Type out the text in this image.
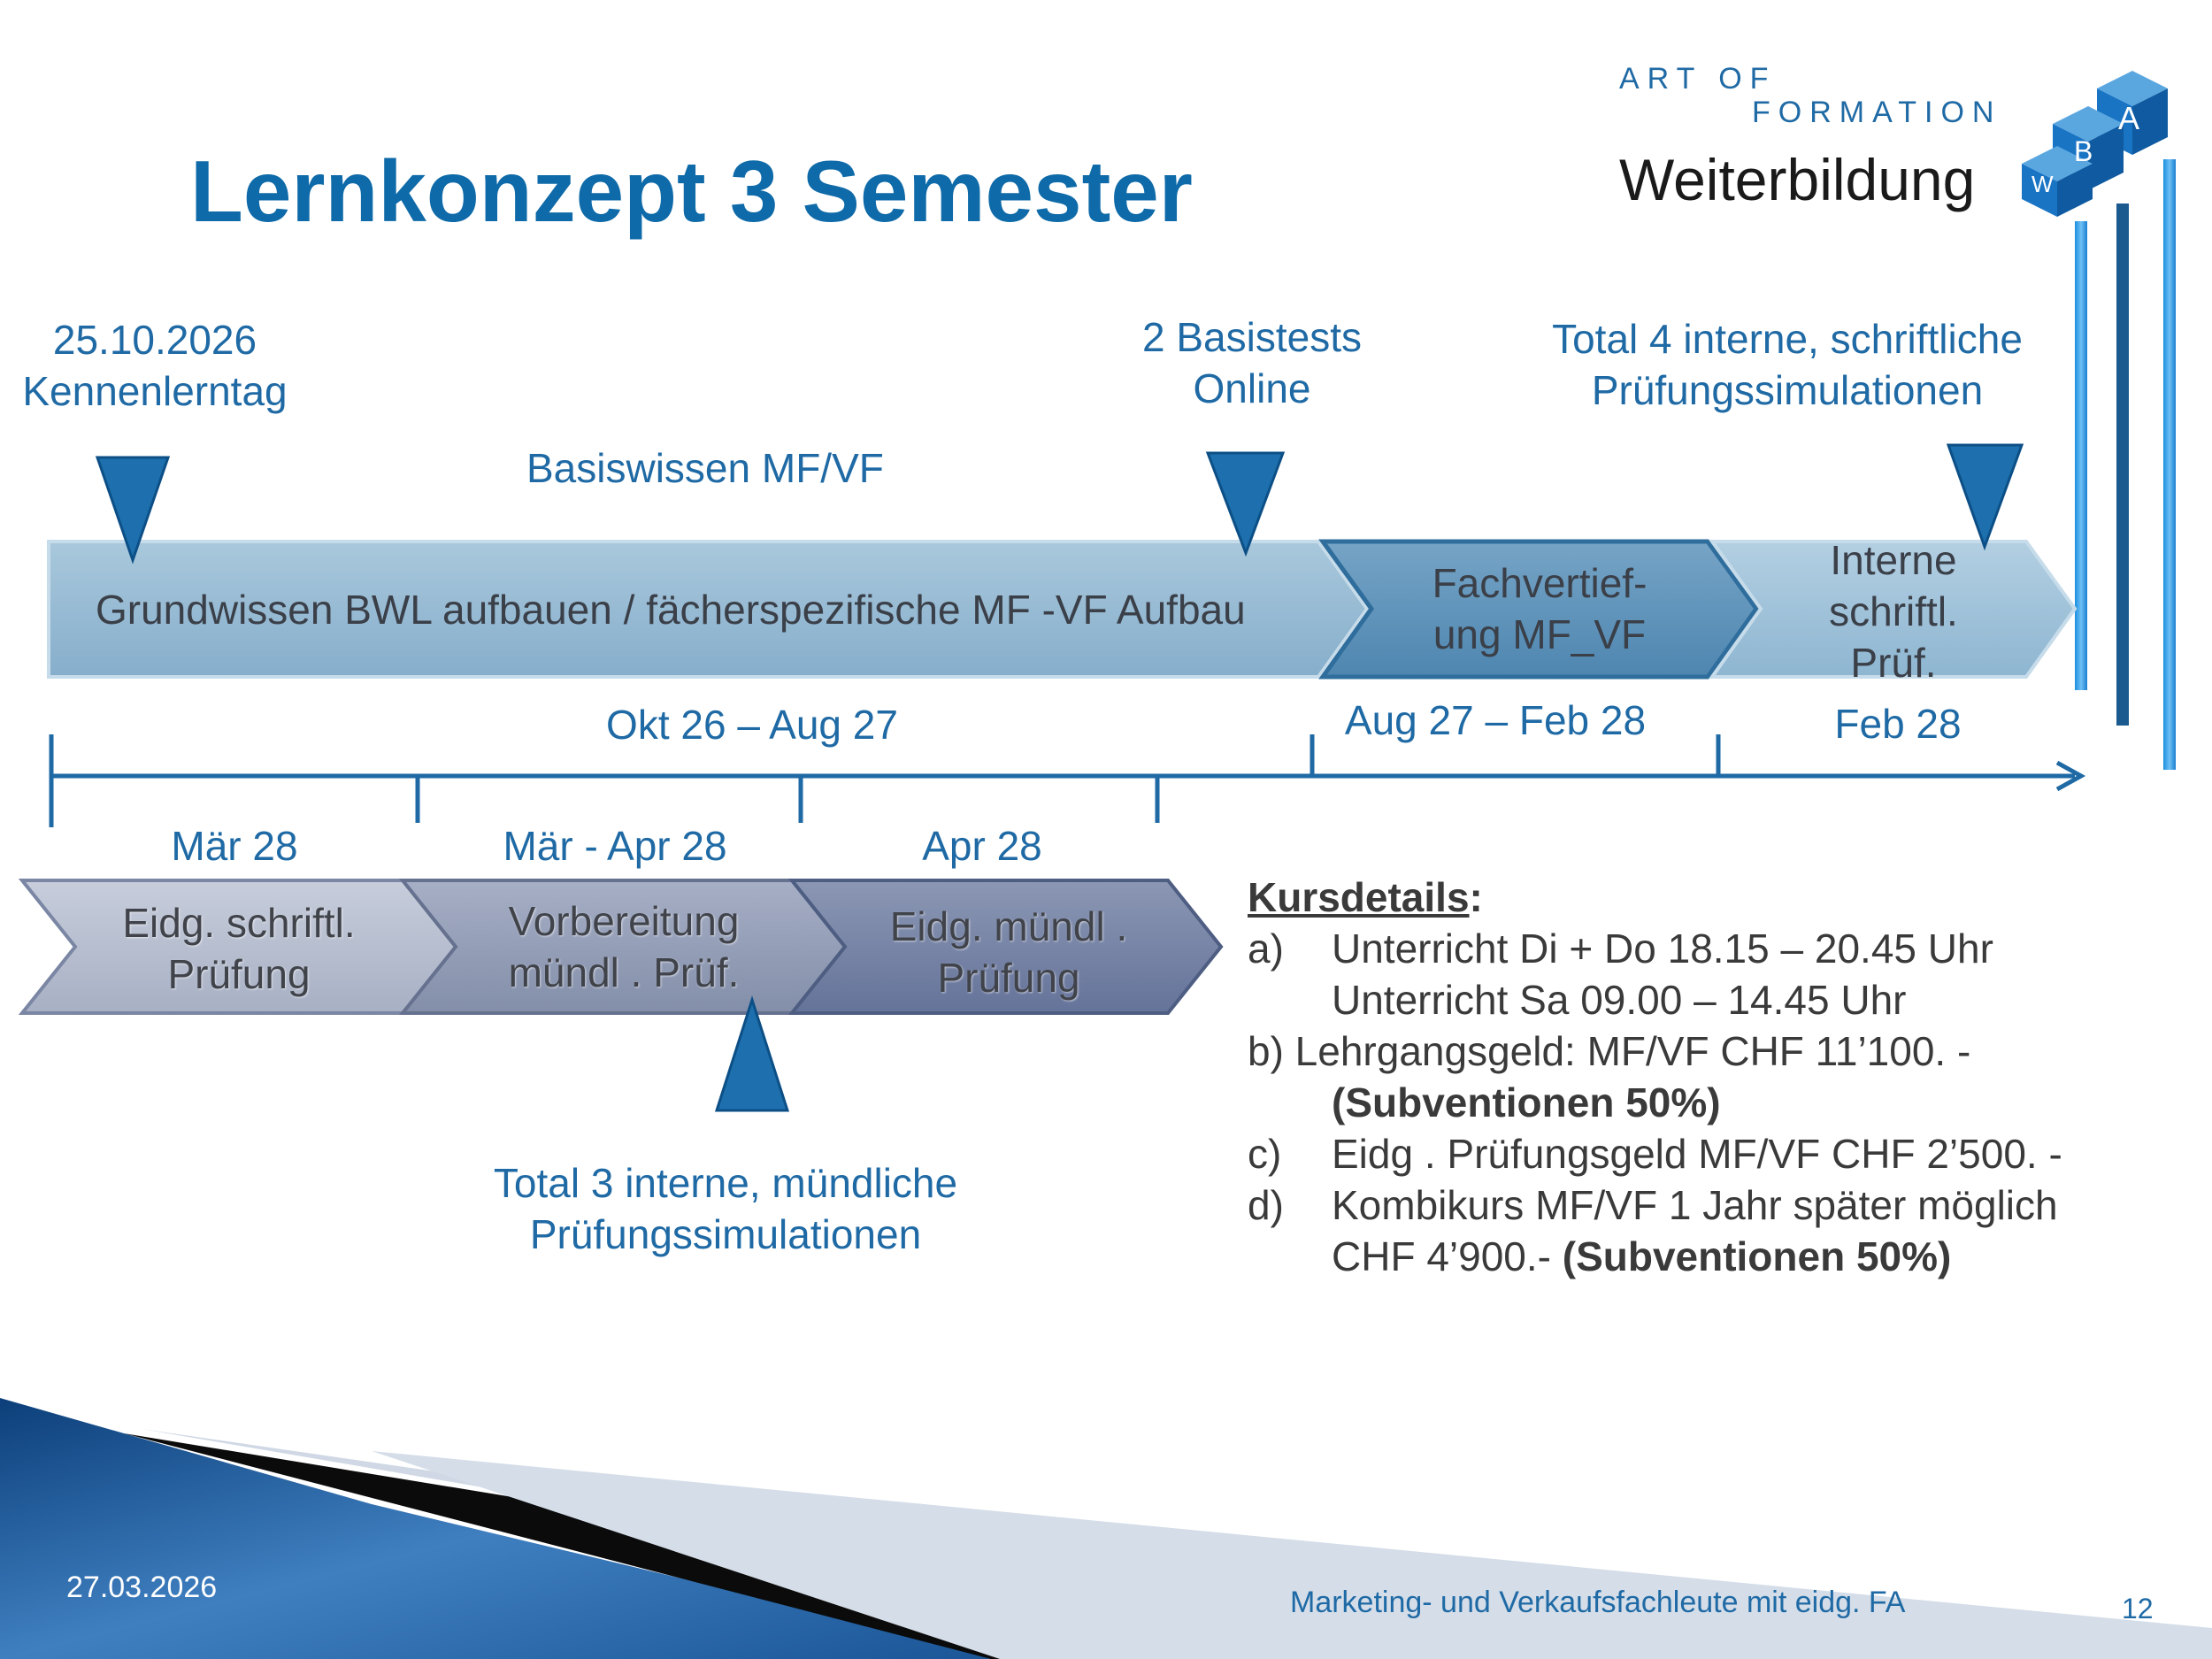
Lernkonzept 3 Semester
ART OF
FORMATION
Weiterbildung W
B
A
25.10.2026
Kennenlerntag
2 Basistests
Online
Total 4 interne, schriftliche
Prüfungssimulationen
Basiswissen MF/VF
Grundwissen BWL aufbauen / fächerspezifische MF -VF Aufbau
Fachvertief-
ung MF_VF
Interne
schriftl.
Prüf.
Okt 26 – Aug 27	Aug 27 – Feb 28	Feb 28
Mär 28	Mär - Apr 28	Apr 28
Eidg. schriftl.
Prüfung
Vorbereitung
mündl . Prüf.
Eidg. mündl .
Prüfung
Total 3 interne, mündliche
Prüfungssimulationen
Kursdetails:
a)	Unterricht Di + Do 18.15 – 20.45 Uhr
Unterricht Sa 09.00 – 14.45 Uhr
b) Lehrgangsgeld: MF/VF CHF 11’100. -
(Subventionen 50%)
c)	Eidg . Prüfungsgeld MF/VF CHF 2’500. -
d)	Kombikurs MF/VF 1 Jahr später möglich
CHF 4’900.- (Subventionen 50%)
27.03.2026	Marketing- und Verkaufsfachleute mit eidg. FA	12
